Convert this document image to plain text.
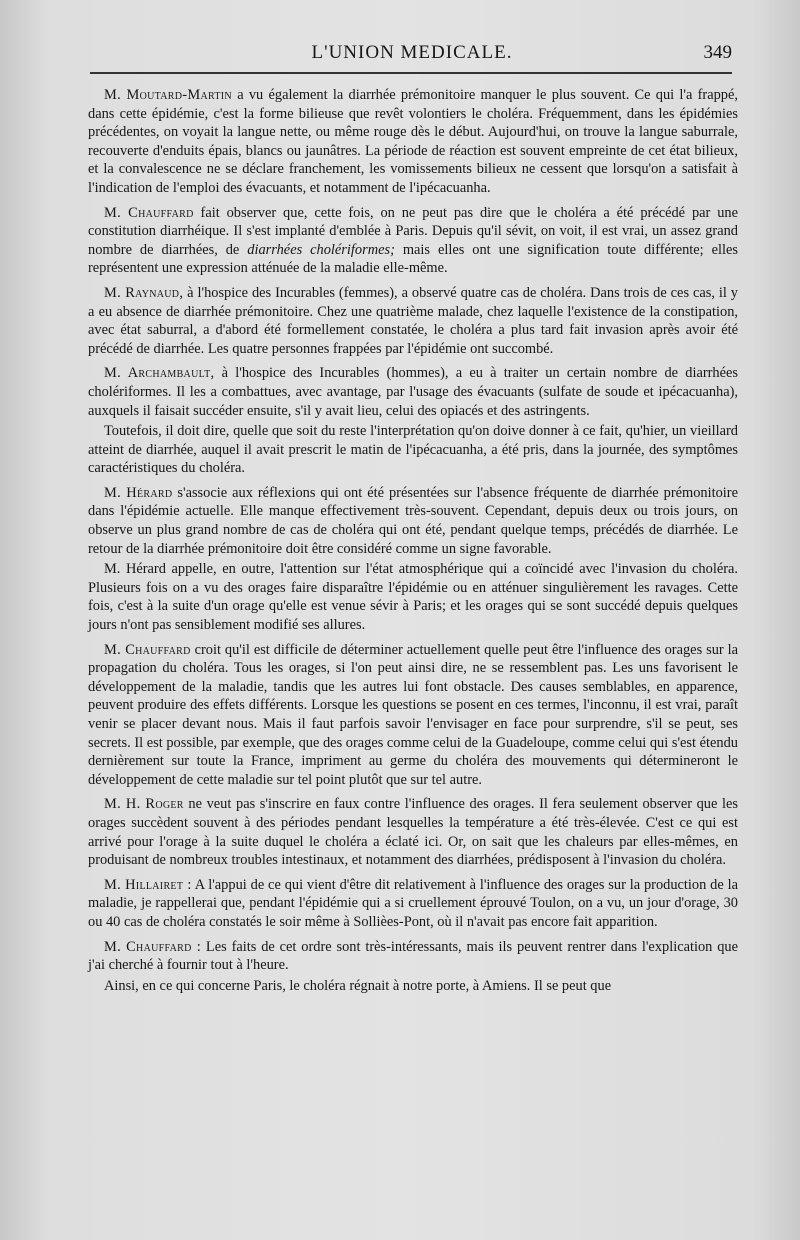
L'UNION MEDICALE.	349

M. Moutard-Martin a vu également la diarrhée prémonitoire manquer le plus souvent. Ce qui l'a frappé, dans cette épidémie, c'est la forme bilieuse que revêt volontiers le choléra. Fréquemment, dans les épidémies précédentes, on voyait la langue nette, ou même rouge dès le début. Aujourd'hui, on trouve la langue saburrale, recouverte d'enduits épais, blancs ou jaunâtres. La période de réaction est souvent empreinte de cet état bilieux, et la convalescence ne se déclare franchement, les vomissements bilieux ne cessent que lorsqu'on a satisfait à l'indication de l'emploi des évacuants, et notamment de l'ipécacuanha.

M. Chauffard fait observer que, cette fois, on ne peut pas dire que le choléra a été précédé par une constitution diarrhéique. Il s'est implanté d'emblée à Paris. Depuis qu'il sévit, on voit, il est vrai, un assez grand nombre de diarrhées, de diarrhées cholériformes; mais elles ont une signification toute différente; elles représentent une expression atténuée de la maladie elle-même.

M. Raynaud, à l'hospice des Incurables (femmes), a observé quatre cas de choléra. Dans trois de ces cas, il y a eu absence de diarrhée prémonitoire. Chez une quatrième malade, chez laquelle l'existence de la constipation, avec état saburral, a d'abord été formellement constatée, le choléra a plus tard fait invasion après avoir été précédé de diarrhée. Les quatre personnes frappées par l'épidémie ont succombé.

M. Archambault, à l'hospice des Incurables (hommes), a eu à traiter un certain nombre de diarrhées cholériformes. Il les a combattues, avec avantage, par l'usage des évacuants (sulfate de soude et ipécacuanha), auxquels il faisait succéder ensuite, s'il y avait lieu, celui des opiacés et des astringents.

Toutefois, il doit dire, quelle que soit du reste l'interprétation qu'on doive donner à ce fait, qu'hier, un vieillard atteint de diarrhée, auquel il avait prescrit le matin de l'ipécacuanha, a été pris, dans la journée, des symptômes caractéristiques du choléra.

M. Hérard s'associe aux réflexions qui ont été présentées sur l'absence fréquente de diarrhée prémonitoire dans l'épidémie actuelle. Elle manque effectivement très-souvent. Cependant, depuis deux ou trois jours, on observe un plus grand nombre de cas de choléra qui ont été, pendant quelque temps, précédés de diarrhée. Le retour de la diarrhée prémonitoire doit être considéré comme un signe favorable.

M. Hérard appelle, en outre, l'attention sur l'état atmosphérique qui a coïncidé avec l'invasion du choléra. Plusieurs fois on a vu des orages faire disparaître l'épidémie ou en atténuer singulièrement les ravages. Cette fois, c'est à la suite d'un orage qu'elle est venue sévir à Paris; et les orages qui se sont succédé depuis quelques jours n'ont pas sensiblement modifié ses allures.

M. Chauffard croit qu'il est difficile de déterminer actuellement quelle peut être l'influence des orages sur la propagation du choléra. Tous les orages, si l'on peut ainsi dire, ne se ressemblent pas. Les uns favorisent le développement de la maladie, tandis que les autres lui font obstacle. Des causes semblables, en apparence, peuvent produire des effets différents. Lorsque les questions se posent en ces termes, l'inconnu, il est vrai, paraît venir se placer devant nous. Mais il faut parfois savoir l'envisager en face pour surprendre, s'il se peut, ses secrets. Il est possible, par exemple, que des orages comme celui de la Guadeloupe, comme celui qui s'est étendu dernièrement sur toute la France, impriment au germe du choléra des mouvements qui détermineront le développement de cette maladie sur tel point plutôt que sur tel autre.

M. H. Roger ne veut pas s'inscrire en faux contre l'influence des orages. Il fera seulement observer que les orages succèdent souvent à des périodes pendant lesquelles la température a été très-élevée. C'est ce qui est arrivé pour l'orage à la suite duquel le choléra a éclaté ici. Or, on sait que les chaleurs par elles-mêmes, en produisant de nombreux troubles intestinaux, et notamment des diarrhées, prédisposent à l'invasion du choléra.

M. Hillairet : A l'appui de ce qui vient d'être dit relativement à l'influence des orages sur la production de la maladie, je rappellerai que, pendant l'épidémie qui a si cruellement éprouvé Toulon, on a vu, un jour d'orage, 30 ou 40 cas de choléra constatés le soir même à Sollièes-Pont, où il n'avait pas encore fait apparition.

M. Chauffard : Les faits de cet ordre sont très-intéressants, mais ils peuvent rentrer dans l'explication que j'ai cherché à fournir tout à l'heure.

Ainsi, en ce qui concerne Paris, le choléra régnait à notre porte, à Amiens. Il se peut que
